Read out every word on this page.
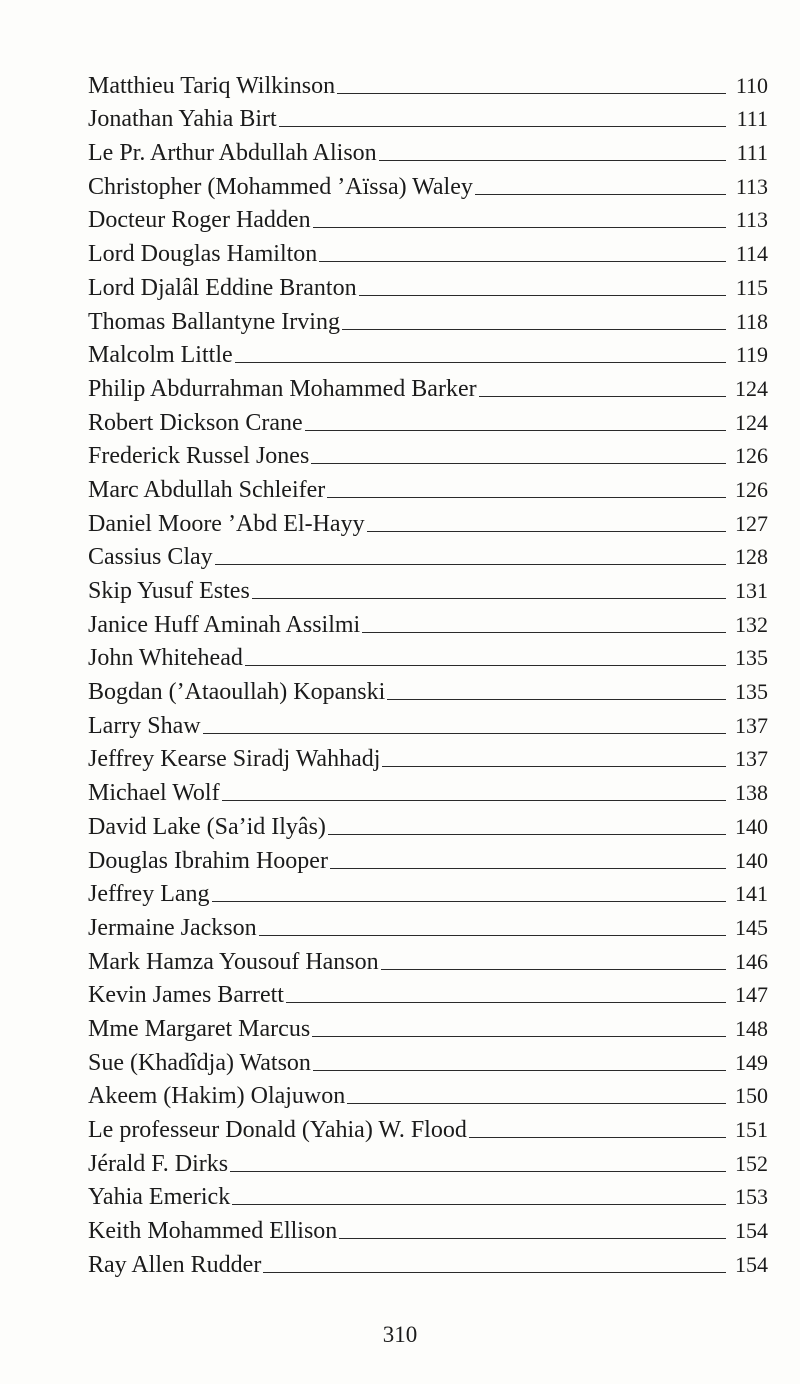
Matthieu Tariq Wilkinson	110
Jonathan Yahia Birt	111
Le Pr. Arthur Abdullah Alison	111
Christopher (Mohammed ’Aïssa) Waley	113
Docteur Roger Hadden	113
Lord Douglas Hamilton	114
Lord Djalâl Eddine Branton	115
Thomas Ballantyne Irving	118
Malcolm Little	119
Philip Abdurrahman Mohammed Barker	124
Robert Dickson Crane	124
Frederick Russel Jones	126
Marc Abdullah Schleifer	126
Daniel Moore ’Abd El-Hayy	127
Cassius Clay	128
Skip Yusuf Estes	131
Janice Huff Aminah Assilmi	132
John Whitehead	135
Bogdan (’Ataoullah) Kopanski	135
Larry Shaw	137
Jeffrey Kearse Siradj Wahhadj	137
Michael Wolf	138
David Lake (Sa’id Ilyâs)	140
Douglas Ibrahim Hooper	140
Jeffrey Lang	141
Jermaine Jackson	145
Mark Hamza Yousouf Hanson	146
Kevin James Barrett	147
Mme Margaret Marcus	148
Sue (Khadîdja) Watson	149
Akeem (Hakim) Olajuwon	150
Le professeur Donald (Yahia) W. Flood	151
Jérald F. Dirks	152
Yahia Emerick	153
Keith Mohammed Ellison	154
Ray Allen Rudder	154
310
